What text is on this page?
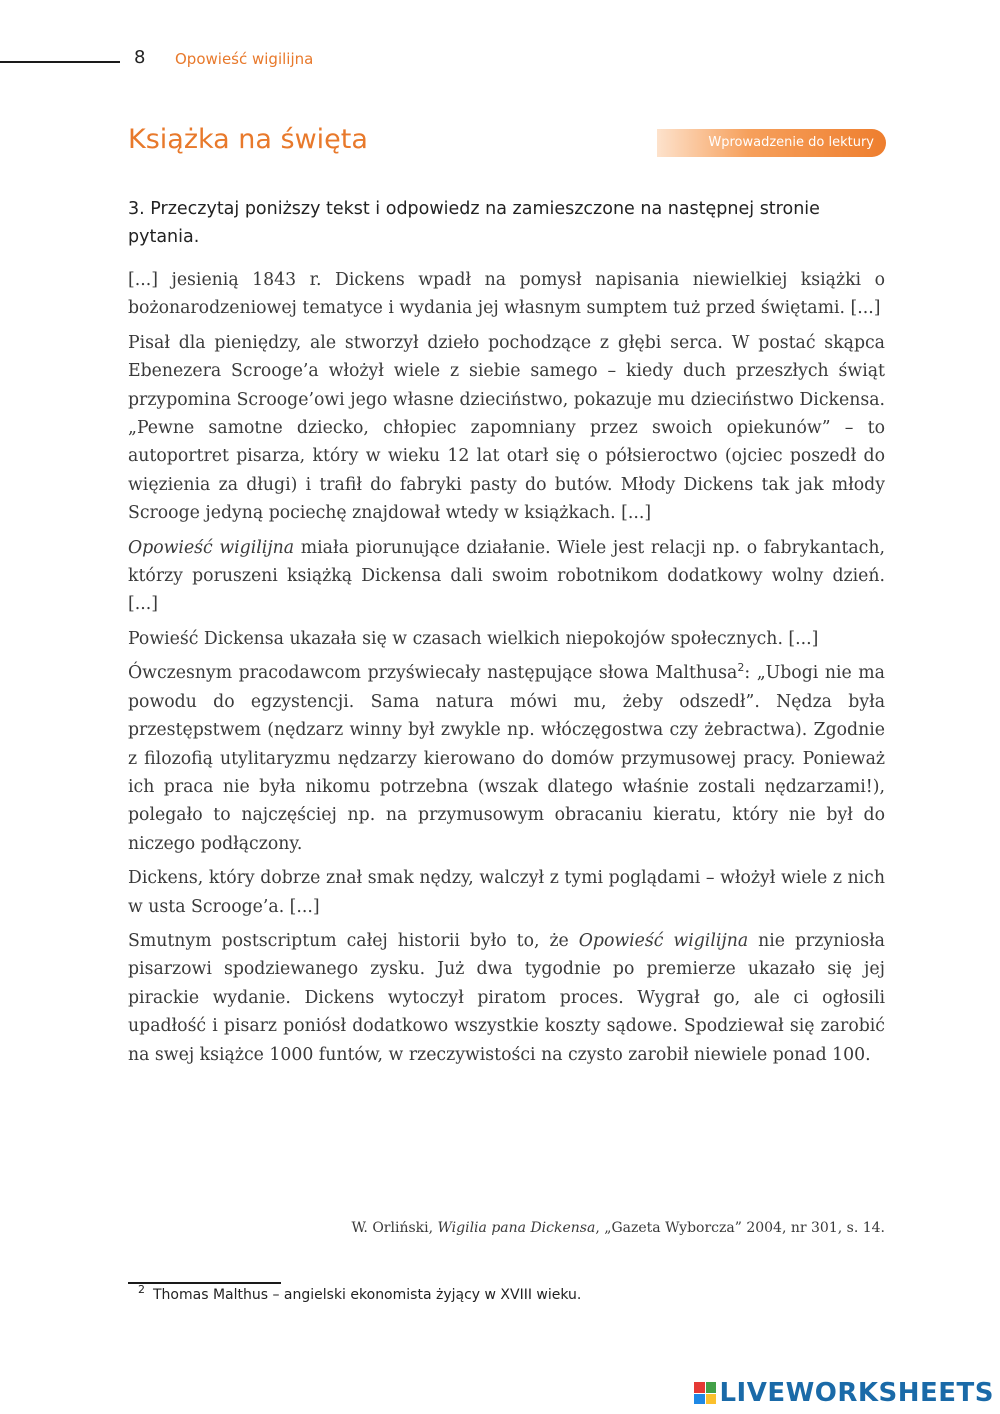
8 Opowieść wigilijna
Książka na święta	Wprowadzenie do lektury

3. Przeczytaj poniższy tekst i odpowiedz na zamieszczone na następnej stronie pytania.

[...] jesienią 1843 r. Dickens wpadł na pomysł napisania niewielkiej książki o bożonarodzeniowej tematyce i wydania jej własnym sumptem tuż przed świętami. [...]

Pisał dla pieniędzy, ale stworzył dzieło pochodzące z głębi serca. W postać skąpca Ebenezera Scrooge’a włożył wiele z siebie samego – kiedy duch przeszłych świąt przypomina Scrooge’owi jego własne dzieciństwo, pokazuje mu dzieciństwo Dickensa. „Pewne samotne dziecko, chłopiec zapomniany przez swoich opiekunów” – to autoportret pisarza, który w wieku 12 lat otarł się o półsieroctwo (ojciec poszedł do więzienia za długi) i trafił do fabryki pasty do butów. Młody Dickens tak jak młody Scrooge jedyną pociechę znajdował wtedy w książkach. [...]

Opowieść wigilijna miała piorunujące działanie. Wiele jest relacji np. o fabrykantach, którzy poruszeni książką Dickensa dali swoim robotnikom dodatkowy wolny dzień. [...]

Powieść Dickensa ukazała się w czasach wielkich niepokojów społecznych. [...]

Ówczesnym pracodawcom przyświecały następujące słowa Malthusa$^2$: „Ubogi nie ma powodu do egzystencji. Sama natura mówi mu, żeby odszedł”. Nędza była przestępstwem (nędzarz winny był zwykle np. włóczęgostwa czy żebractwa). Zgodnie z filozofią utylitaryzmu nędzarzy kierowano do domów przymusowej pracy. Ponieważ ich praca nie była nikomu potrzebna (wszak dlatego właśnie zostali nędzarzami!), polegało to najczęściej np. na przymusowym obracaniu kieratu, który nie był do niczego podłączony.

Dickens, który dobrze znał smak nędzy, walczył z tymi poglądami – włożył wiele z nich w usta Scrooge’a. [...]

Smutnym postscriptum całej historii było to, że Opowieść wigilijna nie przyniosła pisarzowi spodziewanego zysku. Już dwa tygodnie po premierze ukazało się jej pirackie wydanie. Dickens wytoczył piratom proces. Wygrał go, ale ci ogłosili upadłość i pisarz poniósł dodatkowo wszystkie koszty sądowe. Spodziewał się zarobić na swej książce 1000 funtów, w rzeczywistości na czysto zarobił niewiele ponad 100.

W. Orliński, Wigilia pana Dickensa, „Gazeta Wyborcza” 2004, nr 301, s. 14.
$^2$ Thomas Malthus – angielski ekonomista żyjący w XVIII wieku.
LIVEWORKSHEETS
